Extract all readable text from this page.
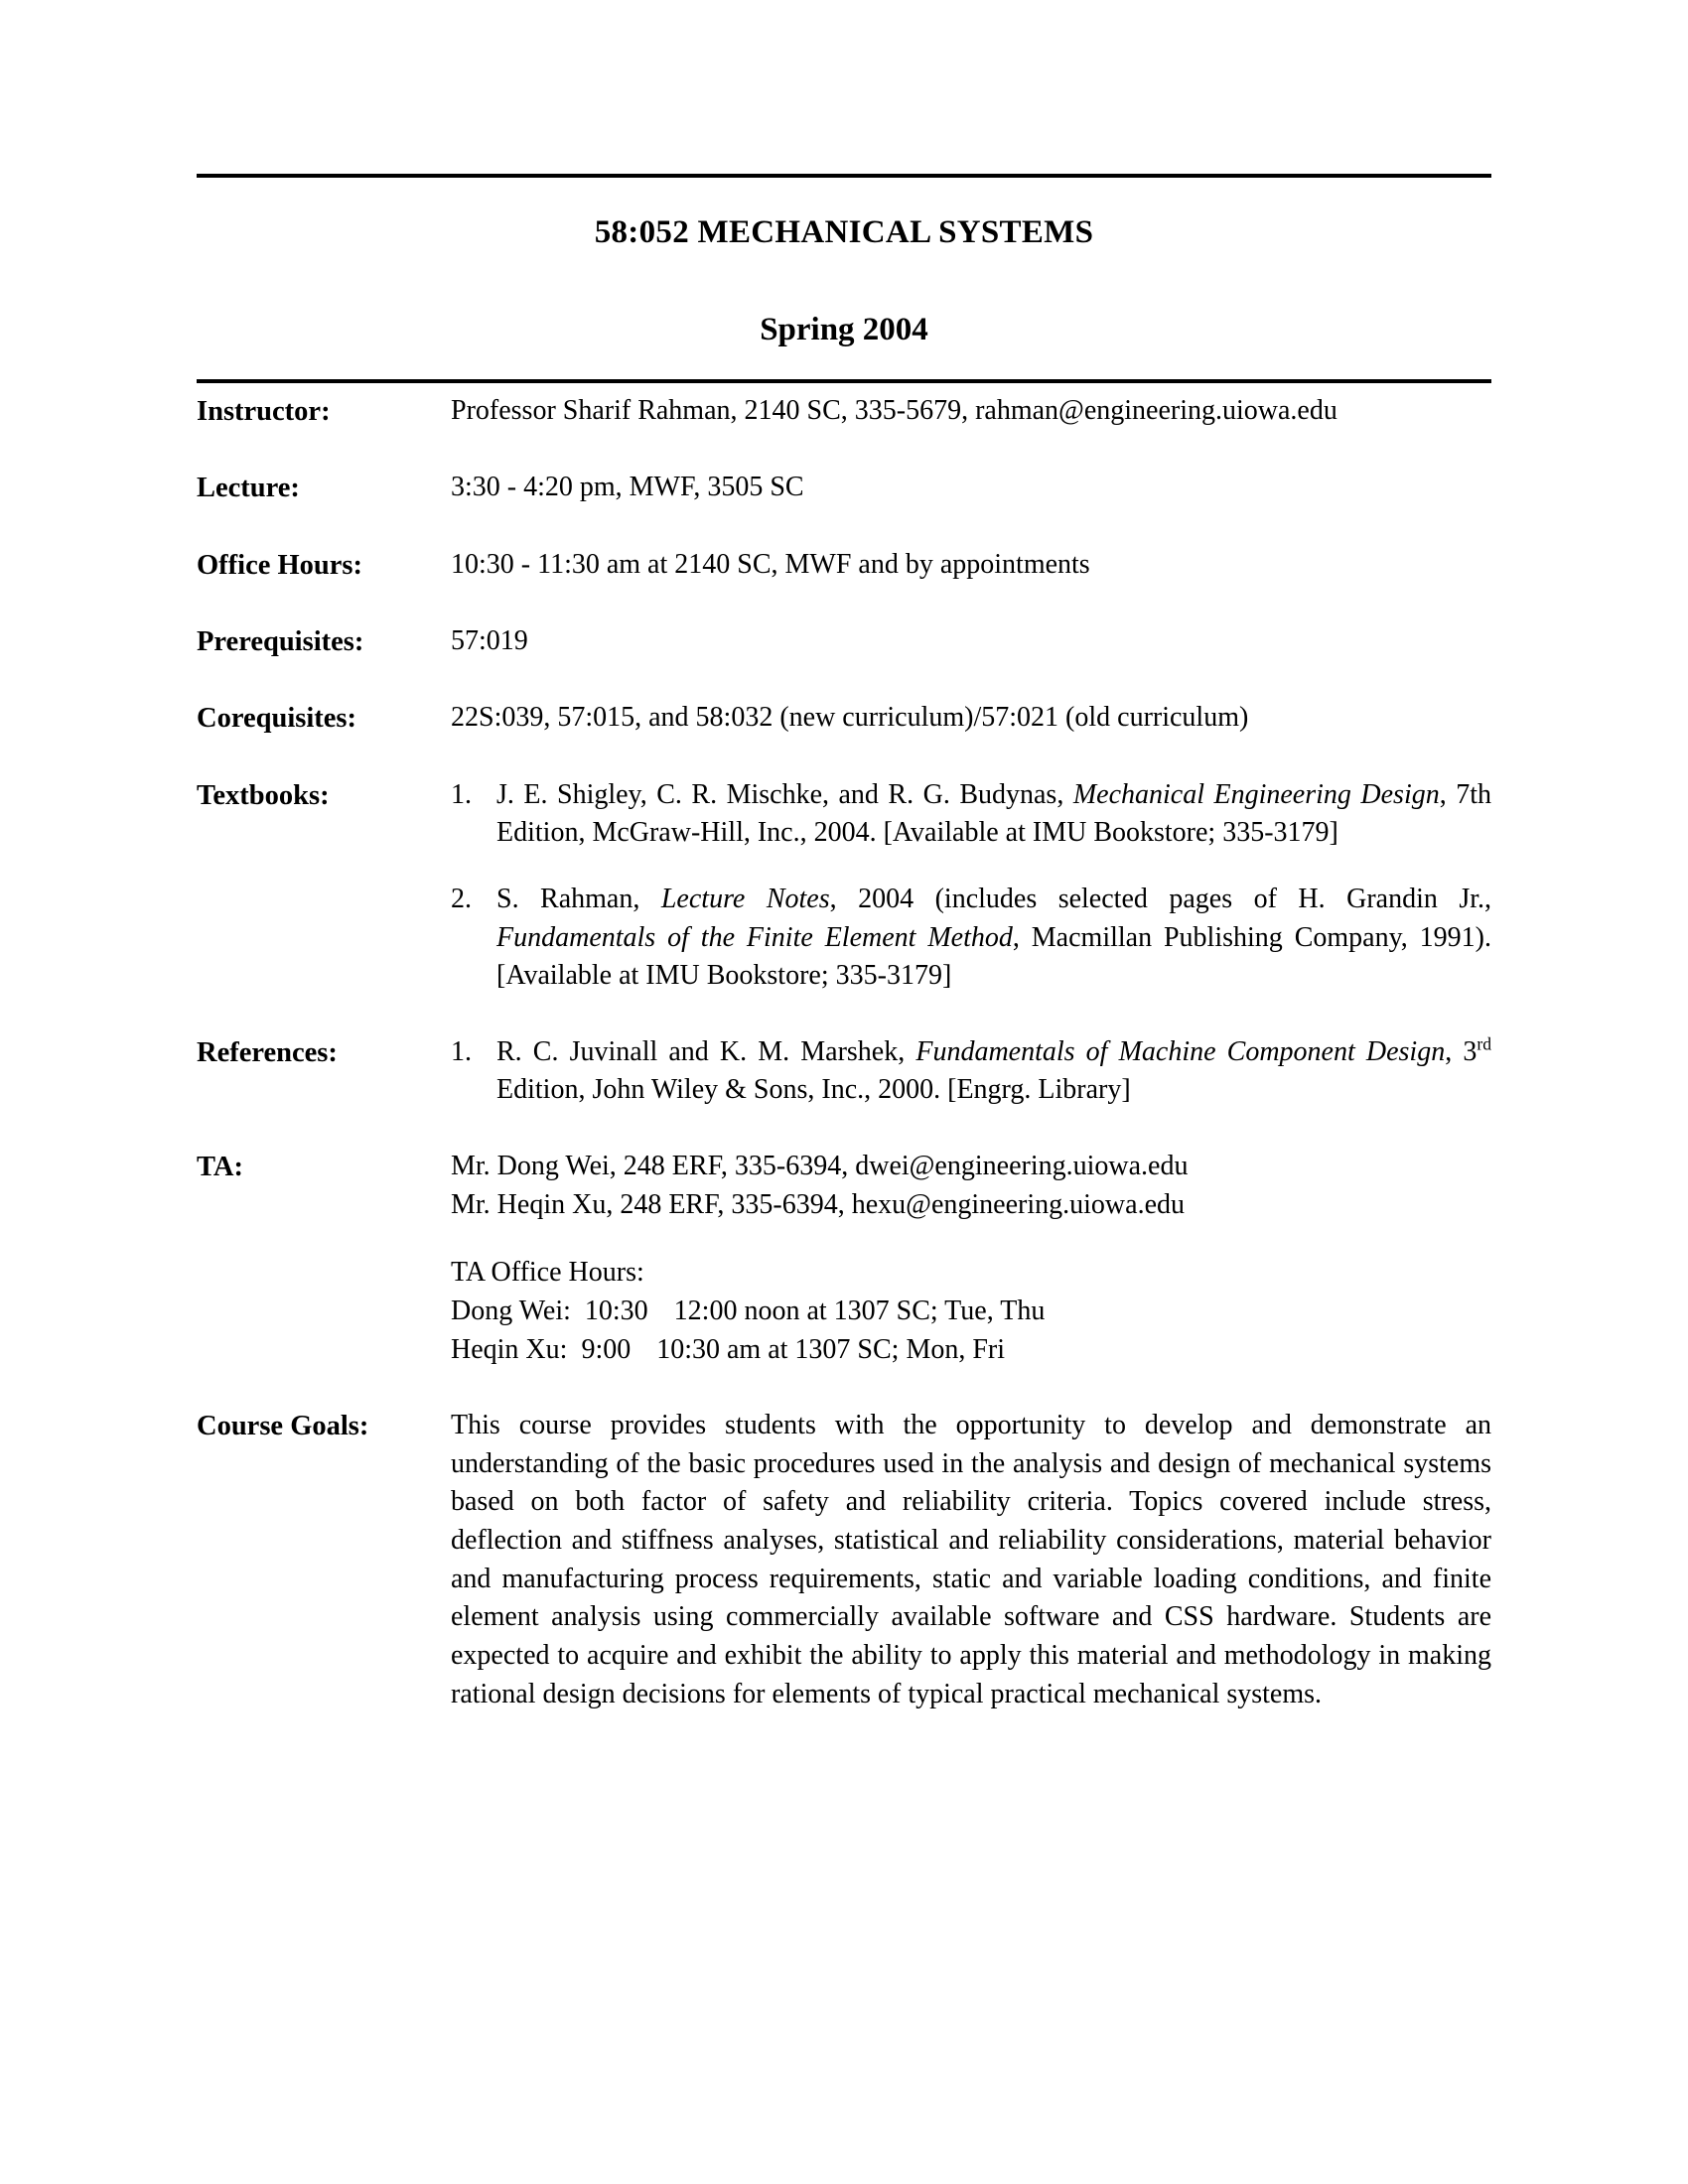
58:052 MECHANICAL SYSTEMS
Spring 2004
Instructor:	Professor Sharif Rahman, 2140 SC, 335-5679, rahman@engineering.uiowa.edu
Lecture:	3:30 - 4:20 pm, MWF, 3505 SC
Office Hours:	10:30 - 11:30 am at 2140 SC, MWF and by appointments
Prerequisites:	57:019
Corequisites:	22S:039, 57:015, and 58:032 (new curriculum)/57:021 (old curriculum)
Textbooks:	1. J. E. Shigley, C. R. Mischke, and R. G. Budynas, Mechanical Engineering Design, 7th Edition, McGraw-Hill, Inc., 2004. [Available at IMU Bookstore; 335-3179]
2. S. Rahman, Lecture Notes, 2004 (includes selected pages of H. Grandin Jr., Fundamentals of the Finite Element Method, Macmillan Publishing Company, 1991). [Available at IMU Bookstore; 335-3179]
References:	1. R. C. Juvinall and K. M. Marshek, Fundamentals of Machine Component Design, 3rd Edition, John Wiley & Sons, Inc., 2000. [Engrg. Library]
TA:	Mr. Dong Wei, 248 ERF, 335-6394, dwei@engineering.uiowa.edu
Mr. Heqin Xu, 248 ERF, 335-6394, hexu@engineering.uiowa.edu
TA Office Hours:
Dong Wei: 10:30 12:00 noon at 1307 SC; Tue, Thu
Heqin Xu: 9:00 10:30 am at 1307 SC; Mon, Fri
Course Goals:	This course provides students with the opportunity to develop and demonstrate an understanding of the basic procedures used in the analysis and design of mechanical systems based on both factor of safety and reliability criteria. Topics covered include stress, deflection and stiffness analyses, statistical and reliability considerations, material behavior and manufacturing process requirements, static and variable loading conditions, and finite element analysis using commercially available software and CSS hardware. Students are expected to acquire and exhibit the ability to apply this material and methodology in making rational design decisions for elements of typical practical mechanical systems.
